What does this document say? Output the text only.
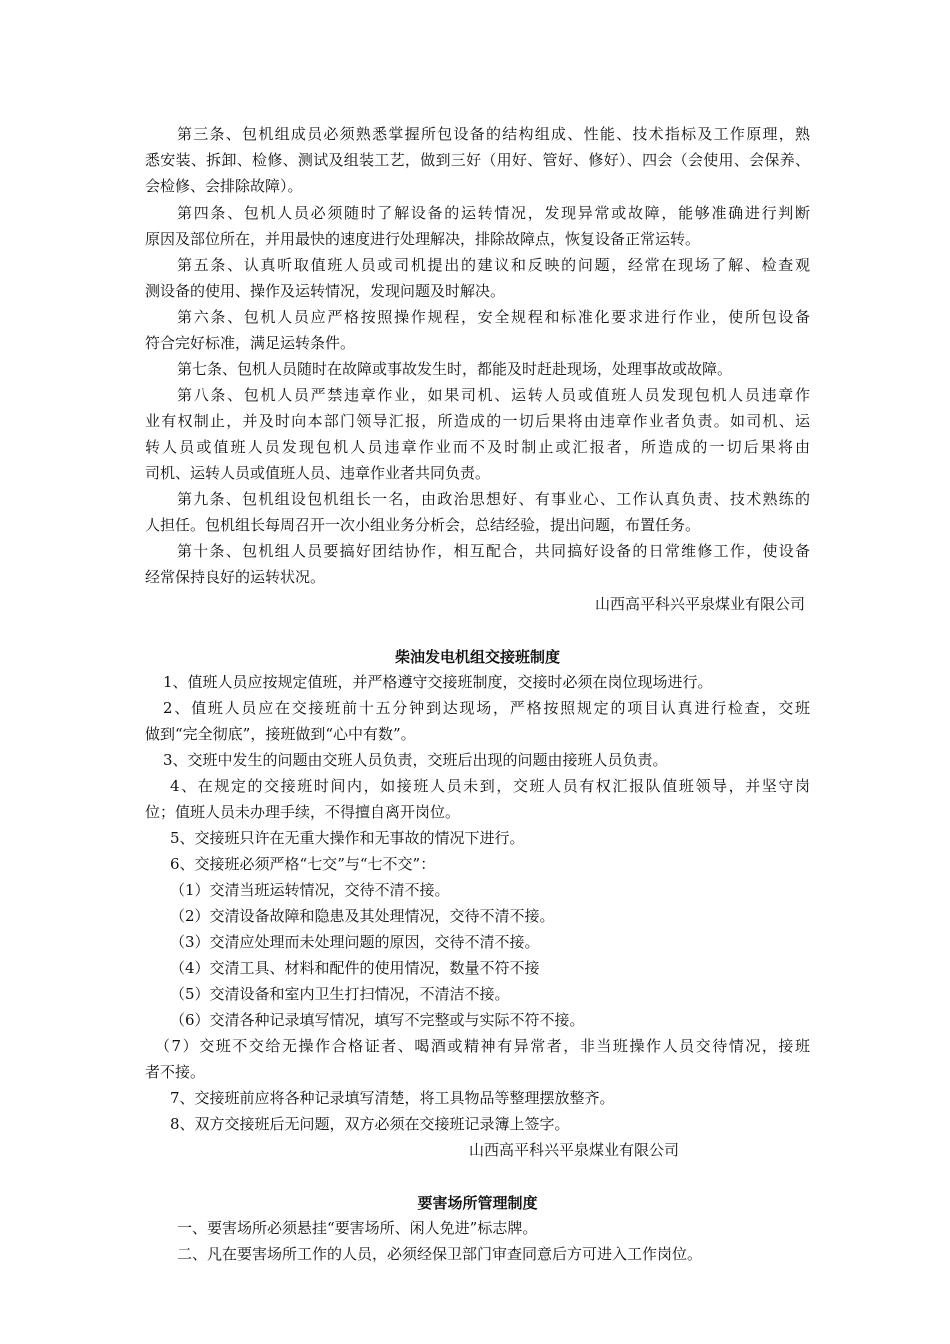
第三条、包机组成员必须熟悉掌握所包设备的结构组成、性能、技术指标及工作原理，熟
悉安装、拆卸、检修、测试及组装工艺，做到三好（用好、管好、修好）、四会（会使用、会保养、
会检修、会排除故障）。
第四条、包机人员必须随时了解设备的运转情况，发现异常或故障，能够准确进行判断
原因及部位所在，并用最快的速度进行处理解决，排除故障点，恢复设备正常运转。
第五条、认真听取值班人员或司机提出的建议和反映的问题，经常在现场了解、检查观
测设备的使用、操作及运转情况，发现问题及时解决。
第六条、包机人员应严格按照操作规程，安全规程和标准化要求进行作业，使所包设备
符合完好标准，满足运转条件。
第七条、包机人员随时在故障或事故发生时，都能及时赶赴现场，处理事故或故障。
第八条、包机人员严禁违章作业，如果司机、运转人员或值班人员发现包机人员违章作
业有权制止，并及时向本部门领导汇报，所造成的一切后果将由违章作业者负责。如司机、运
转人员或值班人员发现包机人员违章作业而不及时制止或汇报者，所造成的一切后果将由
司机、运转人员或值班人员、违章作业者共同负责。
第九条、包机组设包机组长一名，由政治思想好、有事业心、工作认真负责、技术熟练的
人担任。包机组长每周召开一次小组业务分析会，总结经验，提出问题，布置任务。
第十条、包机组人员要搞好团结协作，相互配合，共同搞好设备的日常维修工作，使设备
经常保持良好的运转状况。
山西高平科兴平泉煤业有限公司
柴油发电机组交接班制度
1、值班人员应按规定值班，并严格遵守交接班制度，交接时必须在岗位现场进行。
2、值班人员应在交接班前十五分钟到达现场，严格按照规定的项目认真进行检查，交班
做到“完全彻底”，接班做到“心中有数”。
3、交班中发生的问题由交班人员负责，交班后出现的问题由接班人员负责。
4、在规定的交接班时间内，如接班人员未到，交班人员有权汇报队值班领导，并坚守岗
位；值班人员未办理手续，不得擅自离开岗位。
5、交接班只许在无重大操作和无事故的情况下进行。
6、交接班必须严格“七交”与“七不交”：
（1）交清当班运转情况，交待不清不接。
（2）交清设备故障和隐患及其处理情况，交待不清不接。
（3）交清应处理而未处理问题的原因，交待不清不接。
（4）交清工具、材料和配件的使用情况，数量不符不接
（5）交清设备和室内卫生打扫情况，不清洁不接。
（6）交清各种记录填写情况，填写不完整或与实际不符不接。
（7）交班不交给无操作合格证者、喝酒或精神有异常者，非当班操作人员交待情况，接班
者不接。
7、交接班前应将各种记录填写清楚，将工具物品等整理摆放整齐。
8、双方交接班后无问题，双方必须在交接班记录簿上签字。
山西高平科兴平泉煤业有限公司
要害场所管理制度
一、要害场所必须悬挂“要害场所、闲人免进”标志牌。
二、凡在要害场所工作的人员，必须经保卫部门审查同意后方可进入工作岗位。
